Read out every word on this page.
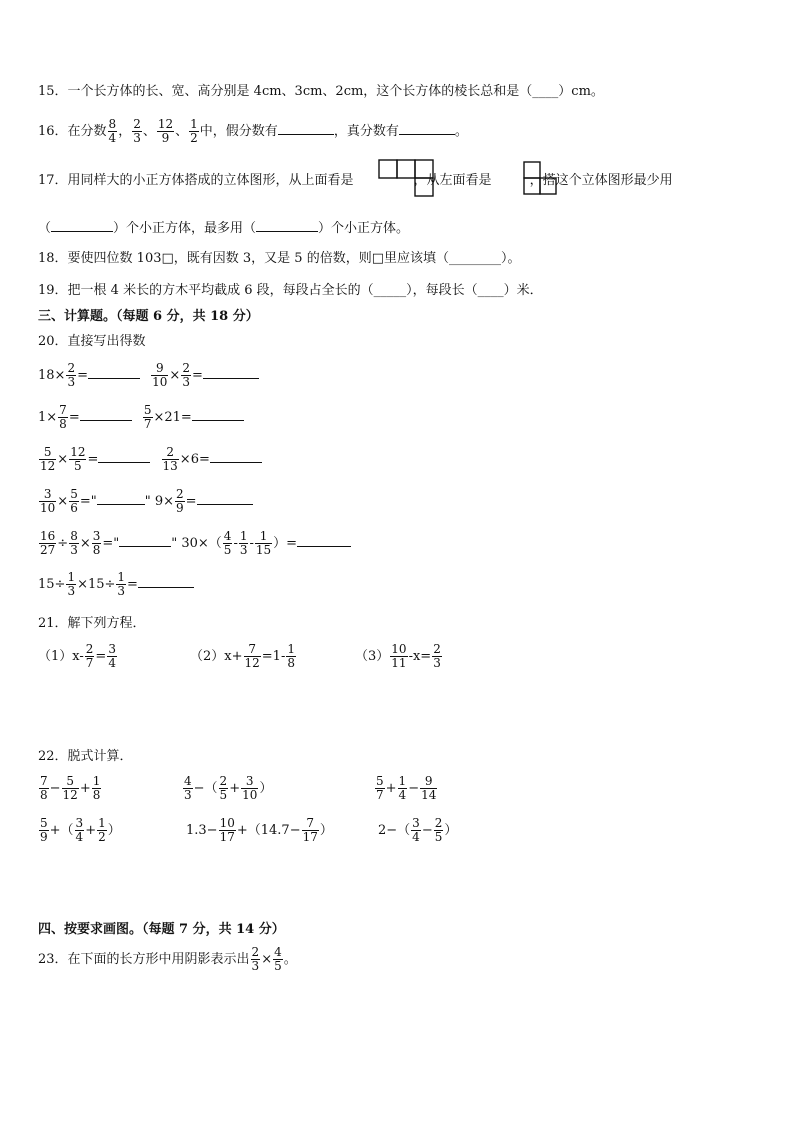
15．一个长方体的长、宽、高分别是 4cm、3cm、2cm，这个长方体的棱长总和是（____）cm。
16．在分数 $\frac{8}{4}$ ， $\frac{2}{3}$ 、 $\frac{12}{9}$ 、 $\frac{1}{2}$ 中，假分数有	，真分数有	。
17．用同样大的小正方体搭成的立体图形，从上面看是	，从左面看是	，搭这个立体图形最少用
（	）个小正方体，最多用（	）个小正方体。
18．要使四位数 103□，既有因数 3，又是 5 的倍数，则□里应该填（________）。
19．把一根 4 米长的方木平均截成 6 段，每段占全长的（_____），每段长（____）米．
三、计算题。（每题 6 分，共 18 分）
20．直接写出得数
$18\times \frac{2}{3}$ =	$\frac{9}{10} \times \frac{2}{3}$ =
$1\times \frac{7}{8}$ =	$\frac{5}{7} \times 21=$
$\frac{5}{12} \times \frac{12}{5}$ =	$\frac{2}{13} \times 6=$
$\frac{3}{10} \times \frac{5}{6}$ ="	" $9\times \frac{2}{9}$ =
$\frac{16}{27} \div \frac{8}{3} \times \frac{3}{8}$ ="	" $30\times( \frac{4}{5} - \frac{1}{3} - \frac{1}{15}$ ）=
$15\div \frac{1}{3} \times 15\div \frac{1}{3}$ =
21．解下列方程．
$(1)x- \frac{2}{7} = \frac{3}{4}$	$(2)x+ \frac{7}{12} =1- \frac{1}{8}$	$(3) \frac{10}{11} -x= \frac{2}{3}$
22．脱式计算．
$\frac{7}{8} - \frac{5}{12} + \frac{1}{8}$	$\frac{4}{3}$ −（ $\frac{2}{5} + \frac{3}{10}$ ）	$\frac{5}{7} + \frac{1}{4} - \frac{9}{14}$
$\frac{5}{9}$ +（ $\frac{3}{4} + \frac{1}{2}$ ）	$1.3- \frac{10}{17} +(14.7- \frac{7}{17}$ ）	$2-( \frac{3}{4} - \frac{2}{5}$ ）
四、按要求画图。（每题 7 分，共 14 分）
23．在下面的长方形中用阴影表示出 $\frac{2}{3} \times \frac{4}{5}$ 。
